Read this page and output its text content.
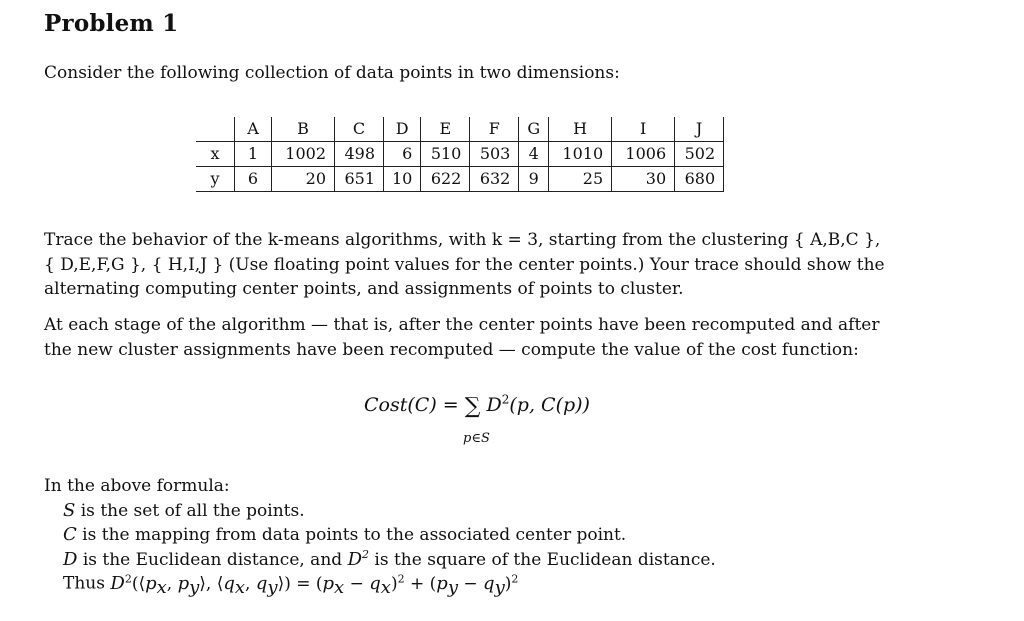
Problem 1
Consider the following collection of data points in two dimensions:
	A	B	C	D	E	F	G	H	I	J
x	1	1002	498	6	510	503	4	1010	1006	502
y	6	20	651	10	622	632	9	25	30	680
Trace the behavior of the k-means algorithms, with k = 3, starting from the clustering { A,B,C },
{ D,E,F,G }, { H,I,J } (Use floating point values for the center points.) Your trace should show the
alternating computing center points, and assignments of points to cluster.
At each stage of the algorithm — that is, after the center points have been recomputed and after
the new cluster assignments have been recomputed — compute the value of the cost function:
Cost(C) = ∑ $D^2(p$, C(p))
p∈S
In the above formula:
S is the set of all the points.
C is the mapping from data points to the associated center point.
D is the Euclidean distance, and $D^2$ is the square of the Euclidean distance.
Thus $D^2(⟨p_x$, $p_y⟩$, $⟨q_x$, $q_y⟩) = (p_x - q_x)^2 + (p_y - q_y)^2$
